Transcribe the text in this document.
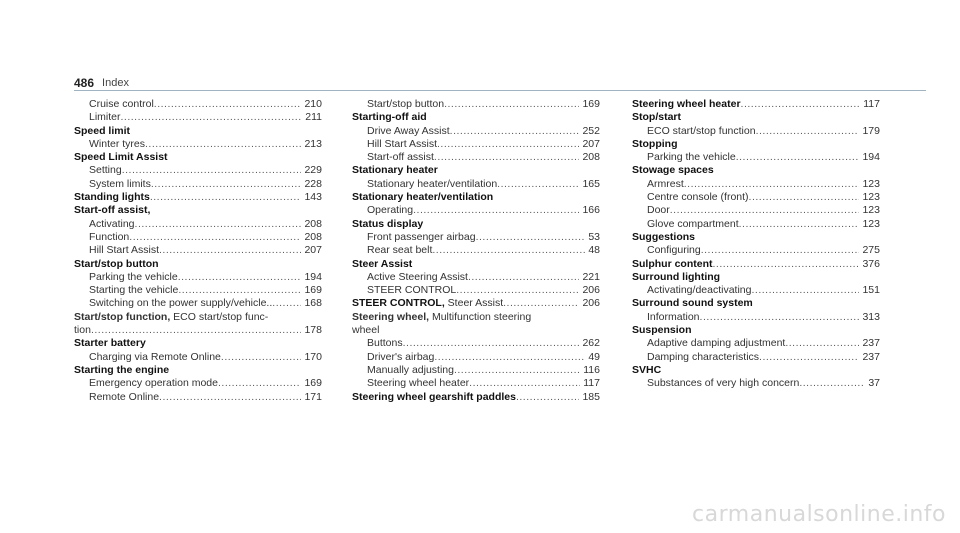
486 Index
Cruise control .....	210
Limiter .....	211
Speed limit
Winter tyres .....	213
Speed Limit Assist
Setting .....	229
System limits .....	228
Standing lights .....	143
Start-off assist,
Activating .....	208
Function .....	208
Hill Start Assist .....	207
Start/stop button
Parking the vehicle .....	194
Starting the vehicle .....	169
Switching on the power supply/vehicle.. .....	168
Start/stop function, ECO start/stop func-
tion .....	178
Starter battery
Charging via Remote Online .....	170
Starting the engine
Emergency operation mode .....	169
Remote Online .....	171
Start/stop button .....	169
Starting-off aid
Drive Away Assist .....	252
Hill Start Assist .....	207
Start-off assist .....	208
Stationary heater
Stationary heater/ventilation .....	165
Stationary heater/ventilation
Operating .....	166
Status display
Front passenger airbag .....	53
Rear seat belt .....	48
Steer Assist
Active Steering Assist .....	221
STEER CONTROL .....	206
STEER CONTROL, Steer Assist .....	206
Steering wheel, Multifunction steering
wheel
Buttons .....	262
Driver's airbag .....	49
Manually adjusting .....	116
Steering wheel heater .....	117
Steering wheel gearshift paddles .....	185
Steering wheel heater .....	117
Stop/start
ECO start/stop function .....	179
Stopping
Parking the vehicle .....	194
Stowage spaces
Armrest .....	123
Centre console (front) .....	123
Door .....	123
Glove compartment .....	123
Suggestions
Configuring .....	275
Sulphur content .....	376
Surround lighting
Activating/deactivating .....	151
Surround sound system
Information .....	313
Suspension
Adaptive damping adjustment .....	237
Damping characteristics .....	237
SVHC
Substances of very high concern .....	37
carmanualsonline.info
